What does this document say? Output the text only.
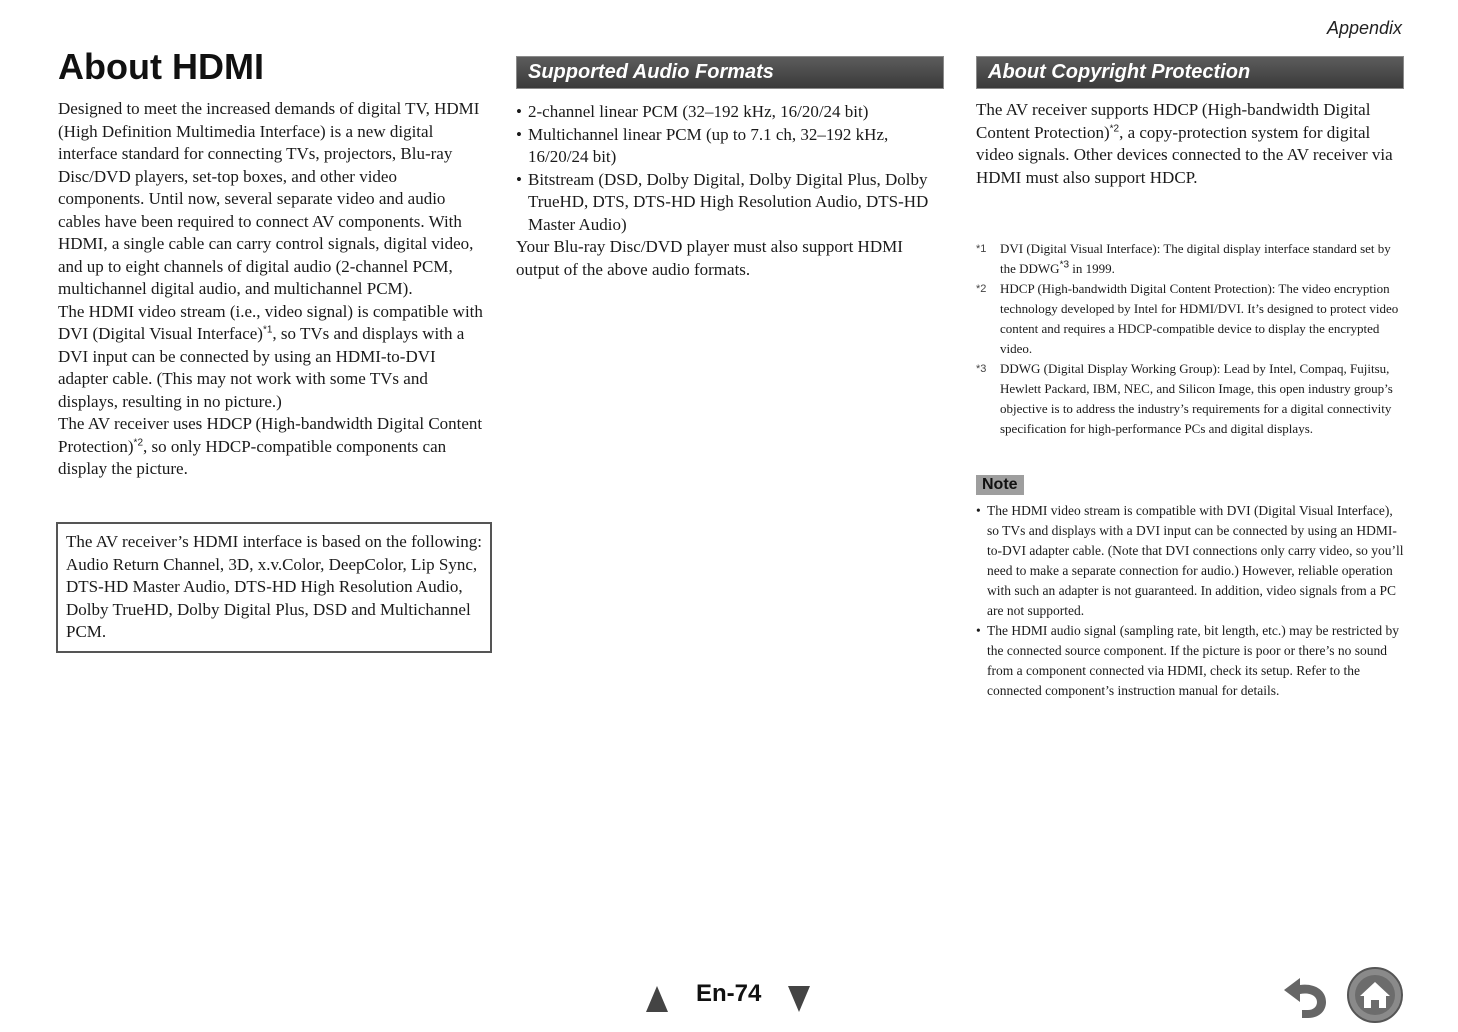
Appendix
About HDMI

Designed to meet the increased demands of digital TV, HDMI (High Definition Multimedia Interface) is a new digital interface standard for connecting TVs, projectors, Blu-ray Disc/DVD players, set-top boxes, and other video components. Until now, several separate video and audio cables have been required to connect AV components. With HDMI, a single cable can carry control signals, digital video, and up to eight channels of digital audio (2-channel PCM, multichannel digital audio, and multichannel PCM).

The HDMI video stream (i.e., video signal) is compatible with DVI (Digital Visual Interface)$^{*1}$, so TVs and displays with a DVI input can be connected by using an HDMI-to-DVI adapter cable. (This may not work with some TVs and displays, resulting in no picture.)

The AV receiver uses HDCP (High-bandwidth Digital Content Protection)$^{*2}$, so only HDCP-compatible components can display the picture.

The AV receiver’s HDMI interface is based on the following:
Audio Return Channel, 3D, x.v.Color, DeepColor, Lip Sync, DTS-HD Master Audio, DTS-HD High Resolution Audio, Dolby TrueHD, Dolby Digital Plus, DSD and Multichannel PCM.
Supported Audio Formats
• 2-channel linear PCM (32–192 kHz, 16/20/24 bit)
• Multichannel linear PCM (up to 7.1 ch, 32–192 kHz, 16/20/24 bit)
• Bitstream (DSD, Dolby Digital, Dolby Digital Plus, Dolby TrueHD, DTS, DTS-HD High Resolution Audio, DTS-HD Master Audio)

Your Blu-ray Disc/DVD player must also support HDMI output of the above audio formats.

About Copyright Protection

The AV receiver supports HDCP (High-bandwidth Digital Content Protection)$^{*2}$, a copy-protection system for digital video signals. Other devices connected to the AV receiver via HDMI must also support HDCP.

*1	DVI (Digital Visual Interface): The digital display interface standard set by the DDWG$^{*3}$ in 1999.
*2	HDCP (High-bandwidth Digital Content Protection): The video encryption technology developed by Intel for HDMI/DVI. It’s designed to protect video content and requires a HDCP-compatible device to display the encrypted video.
*3	DDWG (Digital Display Working Group): Lead by Intel, Compaq, Fujitsu, Hewlett Packard, IBM, NEC, and Silicon Image, this open industry group’s objective is to address the industry’s requirements for a digital connectivity specification for high-performance PCs and digital displays.
Note
• The HDMI video stream is compatible with DVI (Digital Visual Interface), so TVs and displays with a DVI input can be connected by using an HDMI-to-DVI adapter cable. (Note that DVI connections only carry video, so you’ll need to make a separate connection for audio.) However, reliable operation with such an adapter is not guaranteed. In addition, video signals from a PC are not supported.
• The HDMI audio signal (sampling rate, bit length, etc.) may be restricted by the connected source component. If the picture is poor or there’s no sound from a component connected via HDMI, check its setup. Refer to the connected component’s instruction manual for details.
En-74
